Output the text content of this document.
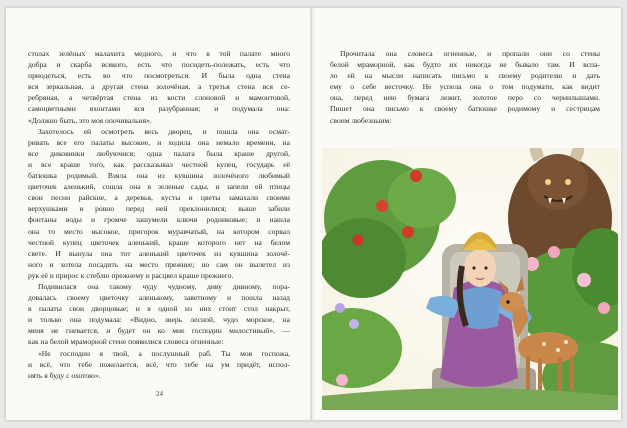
столах зелёных малахита медного, и что в той палате много
добра и скарба всякого, есть что посидеть-полежать, есть что
приодеться, есть во что посмотреться. И была одна стена
вся зеркальная, а другая стена золочёная, а третья стена вся се-
ребряная, а четвёртая стена из кости слоновой и мамонтовой,
самоцветными яхонтами вся разубранная; и подумала она:
«Должно быть, это моя опочивальня».
Захотелось ей осмотреть весь дворец, и пошла она осмат-
ривать все его палаты высокие, и ходила она немало времени, на
все диковинки любуючися; одна палата была краше другой,
и все краше того, как рассказывал честной купец, государь её
батюшка родимый. Взяла она из кувшина золочёного любимый
цветочек аленький, сошла она в зеленые сады, и запели ей птицы
свои песни райские, а деревья, кусты и цветы замахали своими
верхушками и ровно перед ней преклонилися; выше забили
фонтаны воды и громче зашумели ключи родниковые; и нашла
она то место высокое, пригорок муравчатый, на котором сорвал
честной купец цветочек аленький, краше которого нет на белом
свете. И вынула она тот аленький цветочек из кувшина золочё-
ного и хотела посадить на место прежнее; но сам он вылетел из
рук её и прирос к стеблю прежнему и расцвел краше прежнего.
Подивилася она такому чуду чудному, диву дивному, пора-
довалась своему цветочку аленькому, заветному и пошла назад
в палаты свои дворцовые; и в одной из них стоит стол накрыт,
и только она подумала: «Видно, зверь лесной, чудо морское, на
меня не гневается, и будет он ко мне господин милостивый», —
как на белой мраморной стене появилися словеса огненные:
«Не господин я твой, а послушный раб. Ты моя госпожа,
и всё, что тебе пожелается, всё, что тебе на ум придёт, испол-
нять я буду с охотою».
24
Прочитала она словеса огненные, и пропали они со стены
белой мраморной, как будто их никогда не бывало там. И вспа-
ло ей на мысли написать письмо к своему родителю и дать
ему о себе весточку. Не успела она о том подумати, как видит
она, перед нею бумага лежит, золотое перо со чернилышами.
Пишет она письмо к своему батюшке родимому и сестрицам
своим любезныим:
